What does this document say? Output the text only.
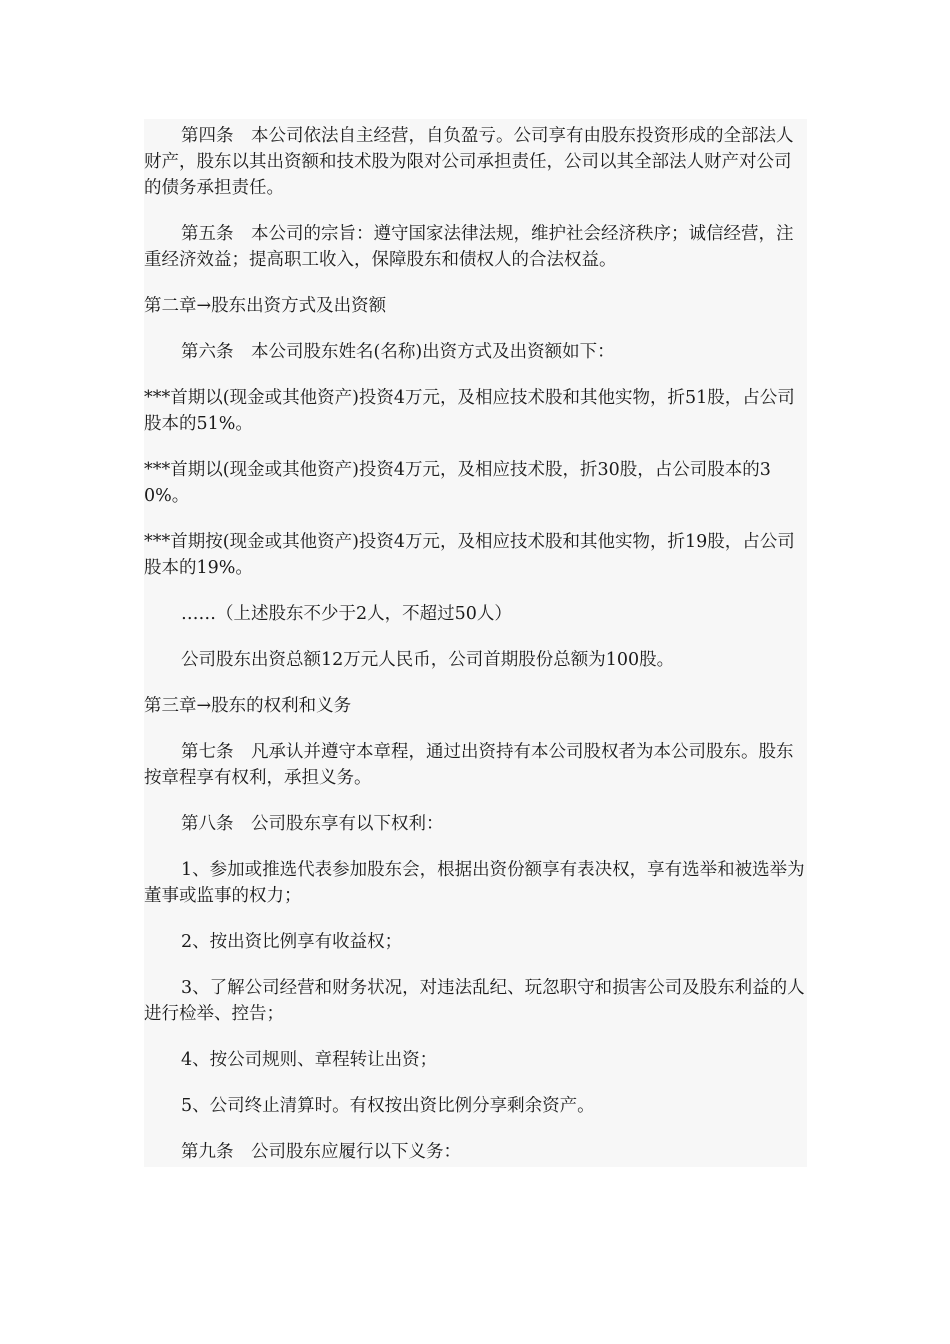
第四条　本公司依法自主经营，自负盈亏。公司享有由股东投资形成的全部法人财产，股东以其出资额和技术股为限对公司承担责任，公司以其全部法人财产对公司的债务承担责任。

第五条　本公司的宗旨：遵守国家法律法规，维护社会经济秩序；诚信经营，注重经济效益；提高职工收入，保障股东和债权人的合法权益。

第二章→股东出资方式及出资额

第六条　本公司股东姓名(名称)出资方式及出资额如下：

***首期以(现金或其他资产)投资4万元，及相应技术股和其他实物，折51股，占公司股本的51%。

***首期以(现金或其他资产)投资4万元，及相应技术股，折30股，占公司股本的30%。

***首期按(现金或其他资产)投资4万元，及相应技术股和其他实物，折19股，占公司股本的19%。

……（上述股东不少于2人，不超过50人）

公司股东出资总额12万元人民币，公司首期股份总额为100股。

第三章→股东的权利和义务

第七条　凡承认并遵守本章程，通过出资持有本公司股权者为本公司股东。股东按章程享有权利，承担义务。

第八条　公司股东享有以下权利：

1、参加或推选代表参加股东会，根据出资份额享有表决权，享有选举和被选举为董事或监事的权力；

2、按出资比例享有收益权；

3、了解公司经营和财务状况，对违法乱纪、玩忽职守和损害公司及股东利益的人进行检举、控告；

4、按公司规则、章程转让出资；

5、公司终止清算时。有权按出资比例分享剩余资产。

第九条　公司股东应履行以下义务：
